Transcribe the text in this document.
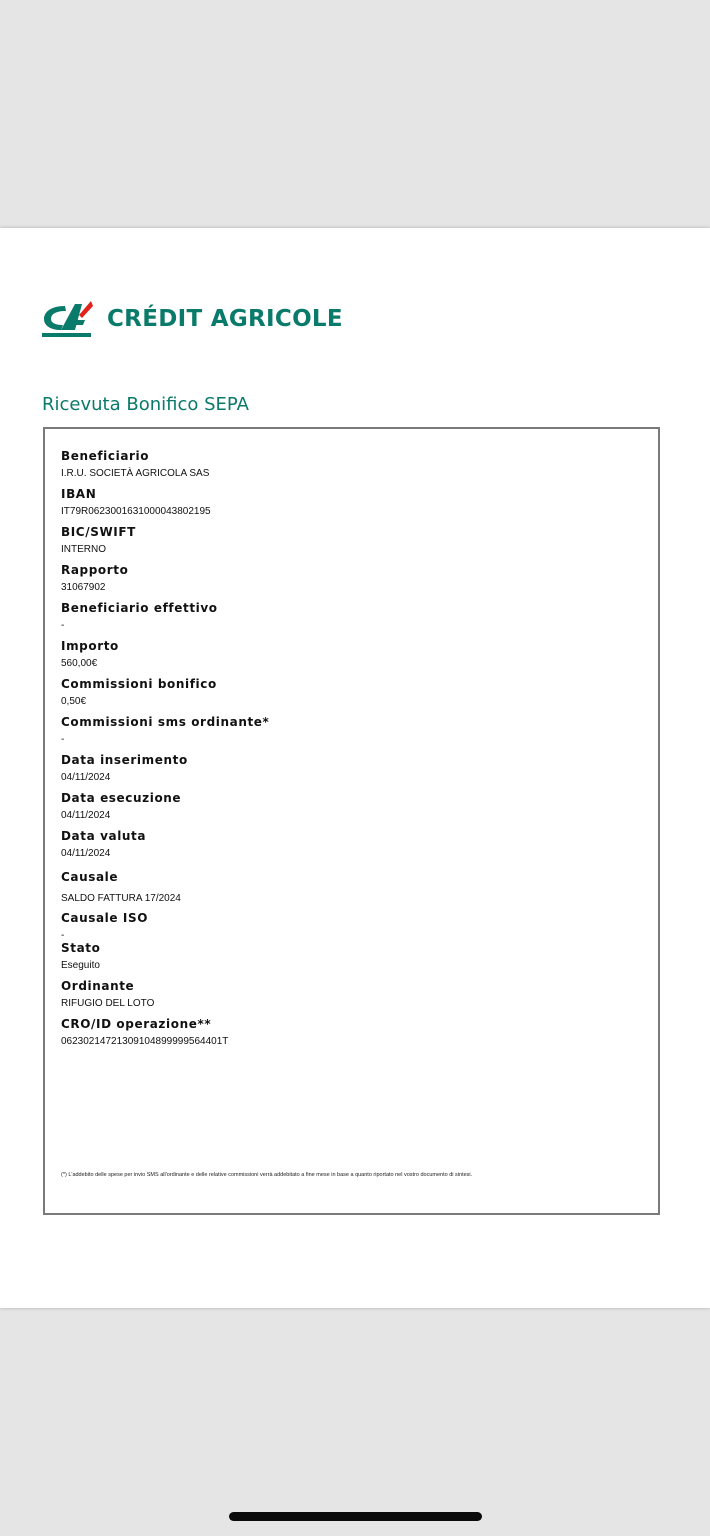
CRÉDIT AGRICOLE
Ricevuta Bonifico SEPA
Beneficiario
I.R.U. SOCIETÀ AGRICOLA SAS
IBAN
IT79R0623001631000043802195
BIC/SWIFT
INTERNO
Rapporto
31067902
Beneficiario effettivo
-
Importo
560,00€
Commissioni bonifico
0,50€
Commissioni sms ordinante*
-
Data inserimento
04/11/2024
Data esecuzione
04/11/2024
Data valuta
04/11/2024
Causale
SALDO FATTURA 17/2024
Causale ISO
-
Stato
Eseguito
Ordinante
RIFUGIO DEL LOTO
CRO/ID operazione**
06230214721309104899999564401T
(*) L'addebito delle spese per invio SMS all'ordinante e delle relative commissioni verrà addebitato a fine mese in base a quanto riportato nel vostro documento di sintesi.
